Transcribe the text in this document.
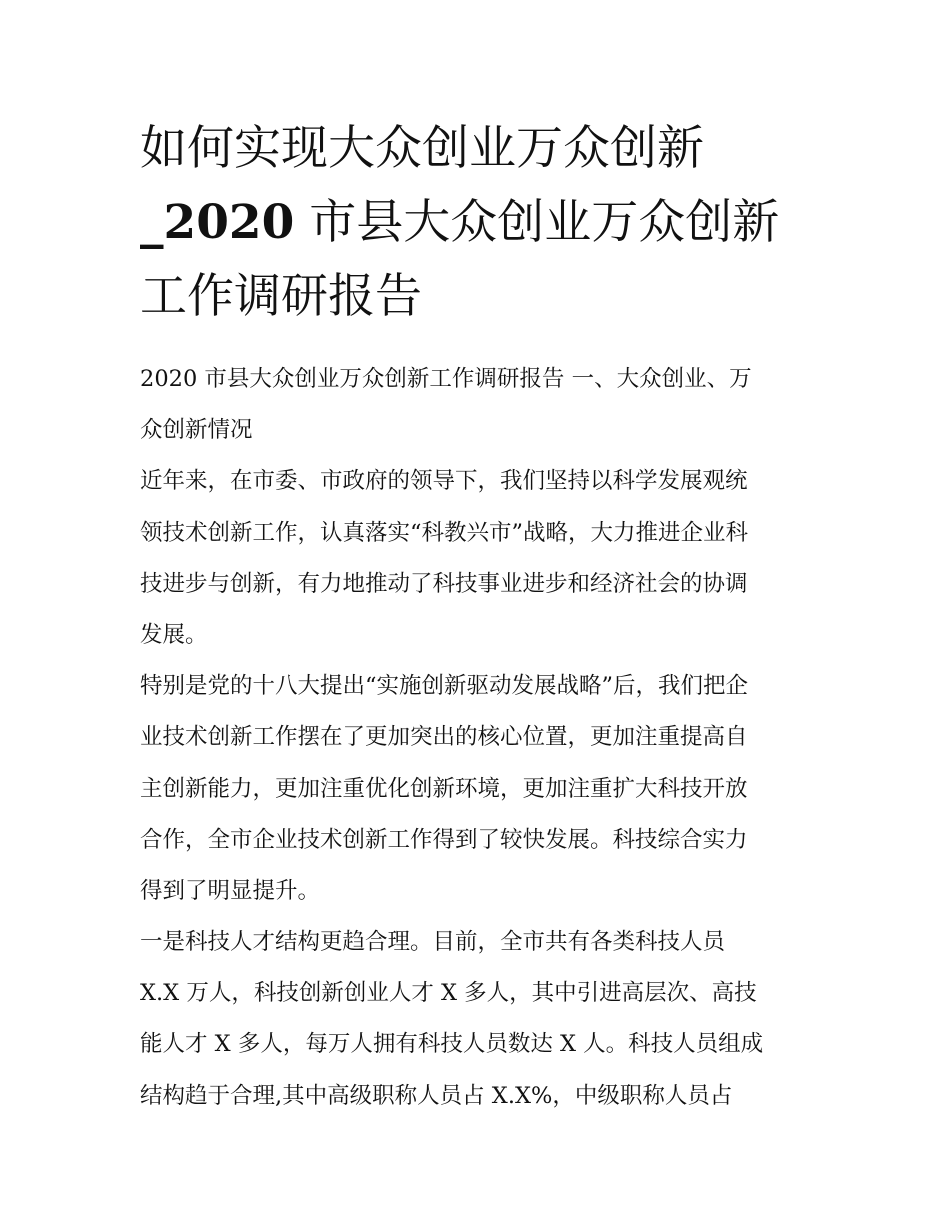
如何实现大众创业万众创新
_2020 市县大众创业万众创新
工作调研报告
2020 市县大众创业万众创新工作调研报告 一、大众创业、万
众创新情况
近年来，在市委、市政府的领导下，我们坚持以科学发展观统
领技术创新工作，认真落实“科教兴市”战略，大力推进企业科
技进步与创新，有力地推动了科技事业进步和经济社会的协调
发展。
特别是党的十八大提出“实施创新驱动发展战略”后，我们把企
业技术创新工作摆在了更加突出的核心位置，更加注重提高自
主创新能力，更加注重优化创新环境，更加注重扩大科技开放
合作，全市企业技术创新工作得到了较快发展。科技综合实力
得到了明显提升。
一是科技人才结构更趋合理。目前，全市共有各类科技人员
X.X 万人，科技创新创业人才 X 多人，其中引进高层次、高技
能人才 X 多人，每万人拥有科技人员数达 X 人。科技人员组成
结构趋于合理,其中高级职称人员占 X.X%，中级职称人员占
